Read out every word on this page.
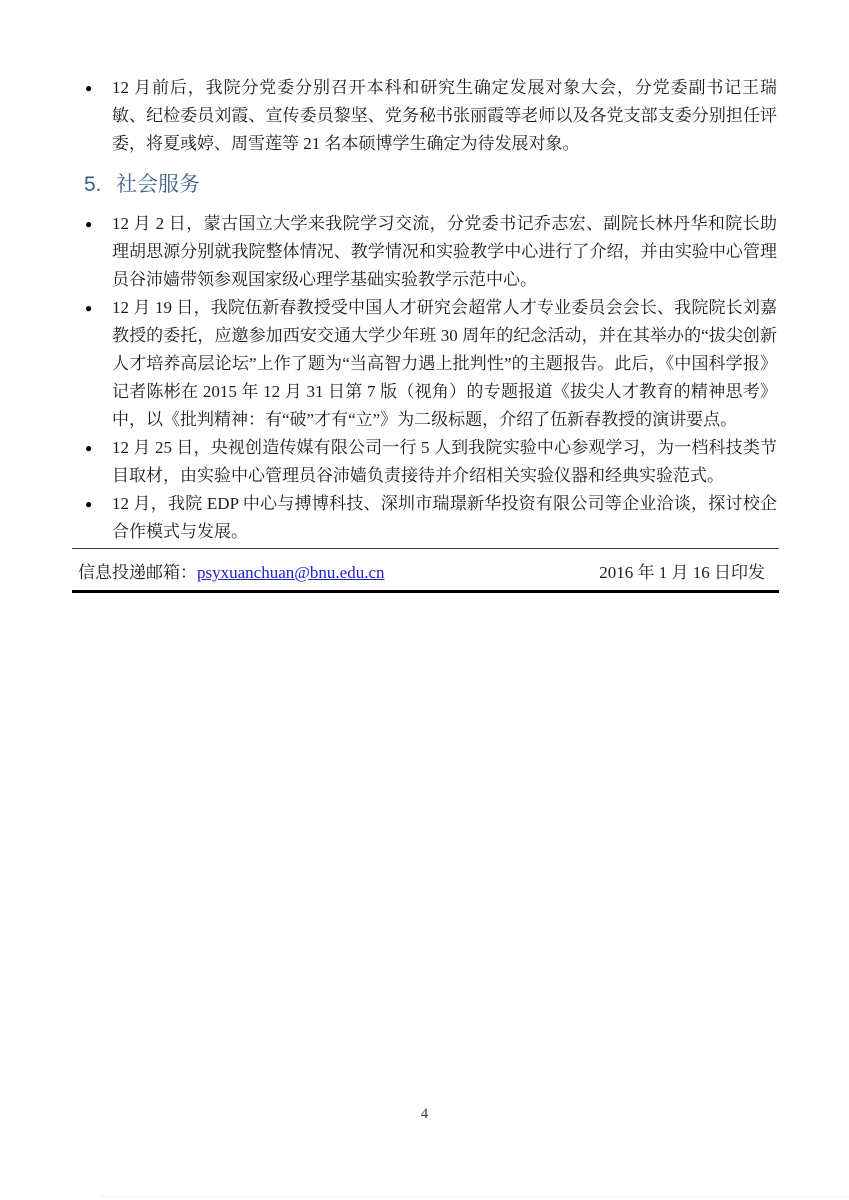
● 12 月前后，我院分党委分别召开本科和研究生确定发展对象大会，分党委副书记王瑞敏、纪检委员刘霞、宣传委员黎坚、党务秘书张丽霞等老师以及各党支部支委分别担任评委，将夏彧婷、周雪莲等 21 名本硕博学生确定为待发展对象。
5. 社会服务
● 12 月 2 日，蒙古国立大学来我院学习交流，分党委书记乔志宏、副院长林丹华和院长助理胡思源分别就我院整体情况、教学情况和实验教学中心进行了介绍，并由实验中心管理员谷沛嫱带领参观国家级心理学基础实验教学示范中心。
● 12 月 19 日，我院伍新春教授受中国人才研究会超常人才专业委员会会长、我院院长刘嘉教授的委托，应邀参加西安交通大学少年班 30 周年的纪念活动，并在其举办的“拔尖创新人才培养高层论坛”上作了题为“当高智力遇上批判性”的主题报告。此后，《中国科学报》记者陈彬在 2015 年 12 月 31 日第 7 版（视角）的专题报道《拔尖人才教育的精神思考》中，以《批判精神：有“破”才有“立”》为二级标题，介绍了伍新春教授的演讲要点。
● 12 月 25 日，央视创造传媒有限公司一行 5 人到我院实验中心参观学习，为一档科技类节目取材，由实验中心管理员谷沛嫱负责接待并介绍相关实验仪器和经典实验范式。
● 12 月，我院 EDP 中心与搏博科技、深圳市瑞璟新华投资有限公司等企业洽谈，探讨校企合作模式与发展。
信息投递邮箱：psyxuanchuan@bnu.edu.cn	2016 年 1 月 16 日印发
4
